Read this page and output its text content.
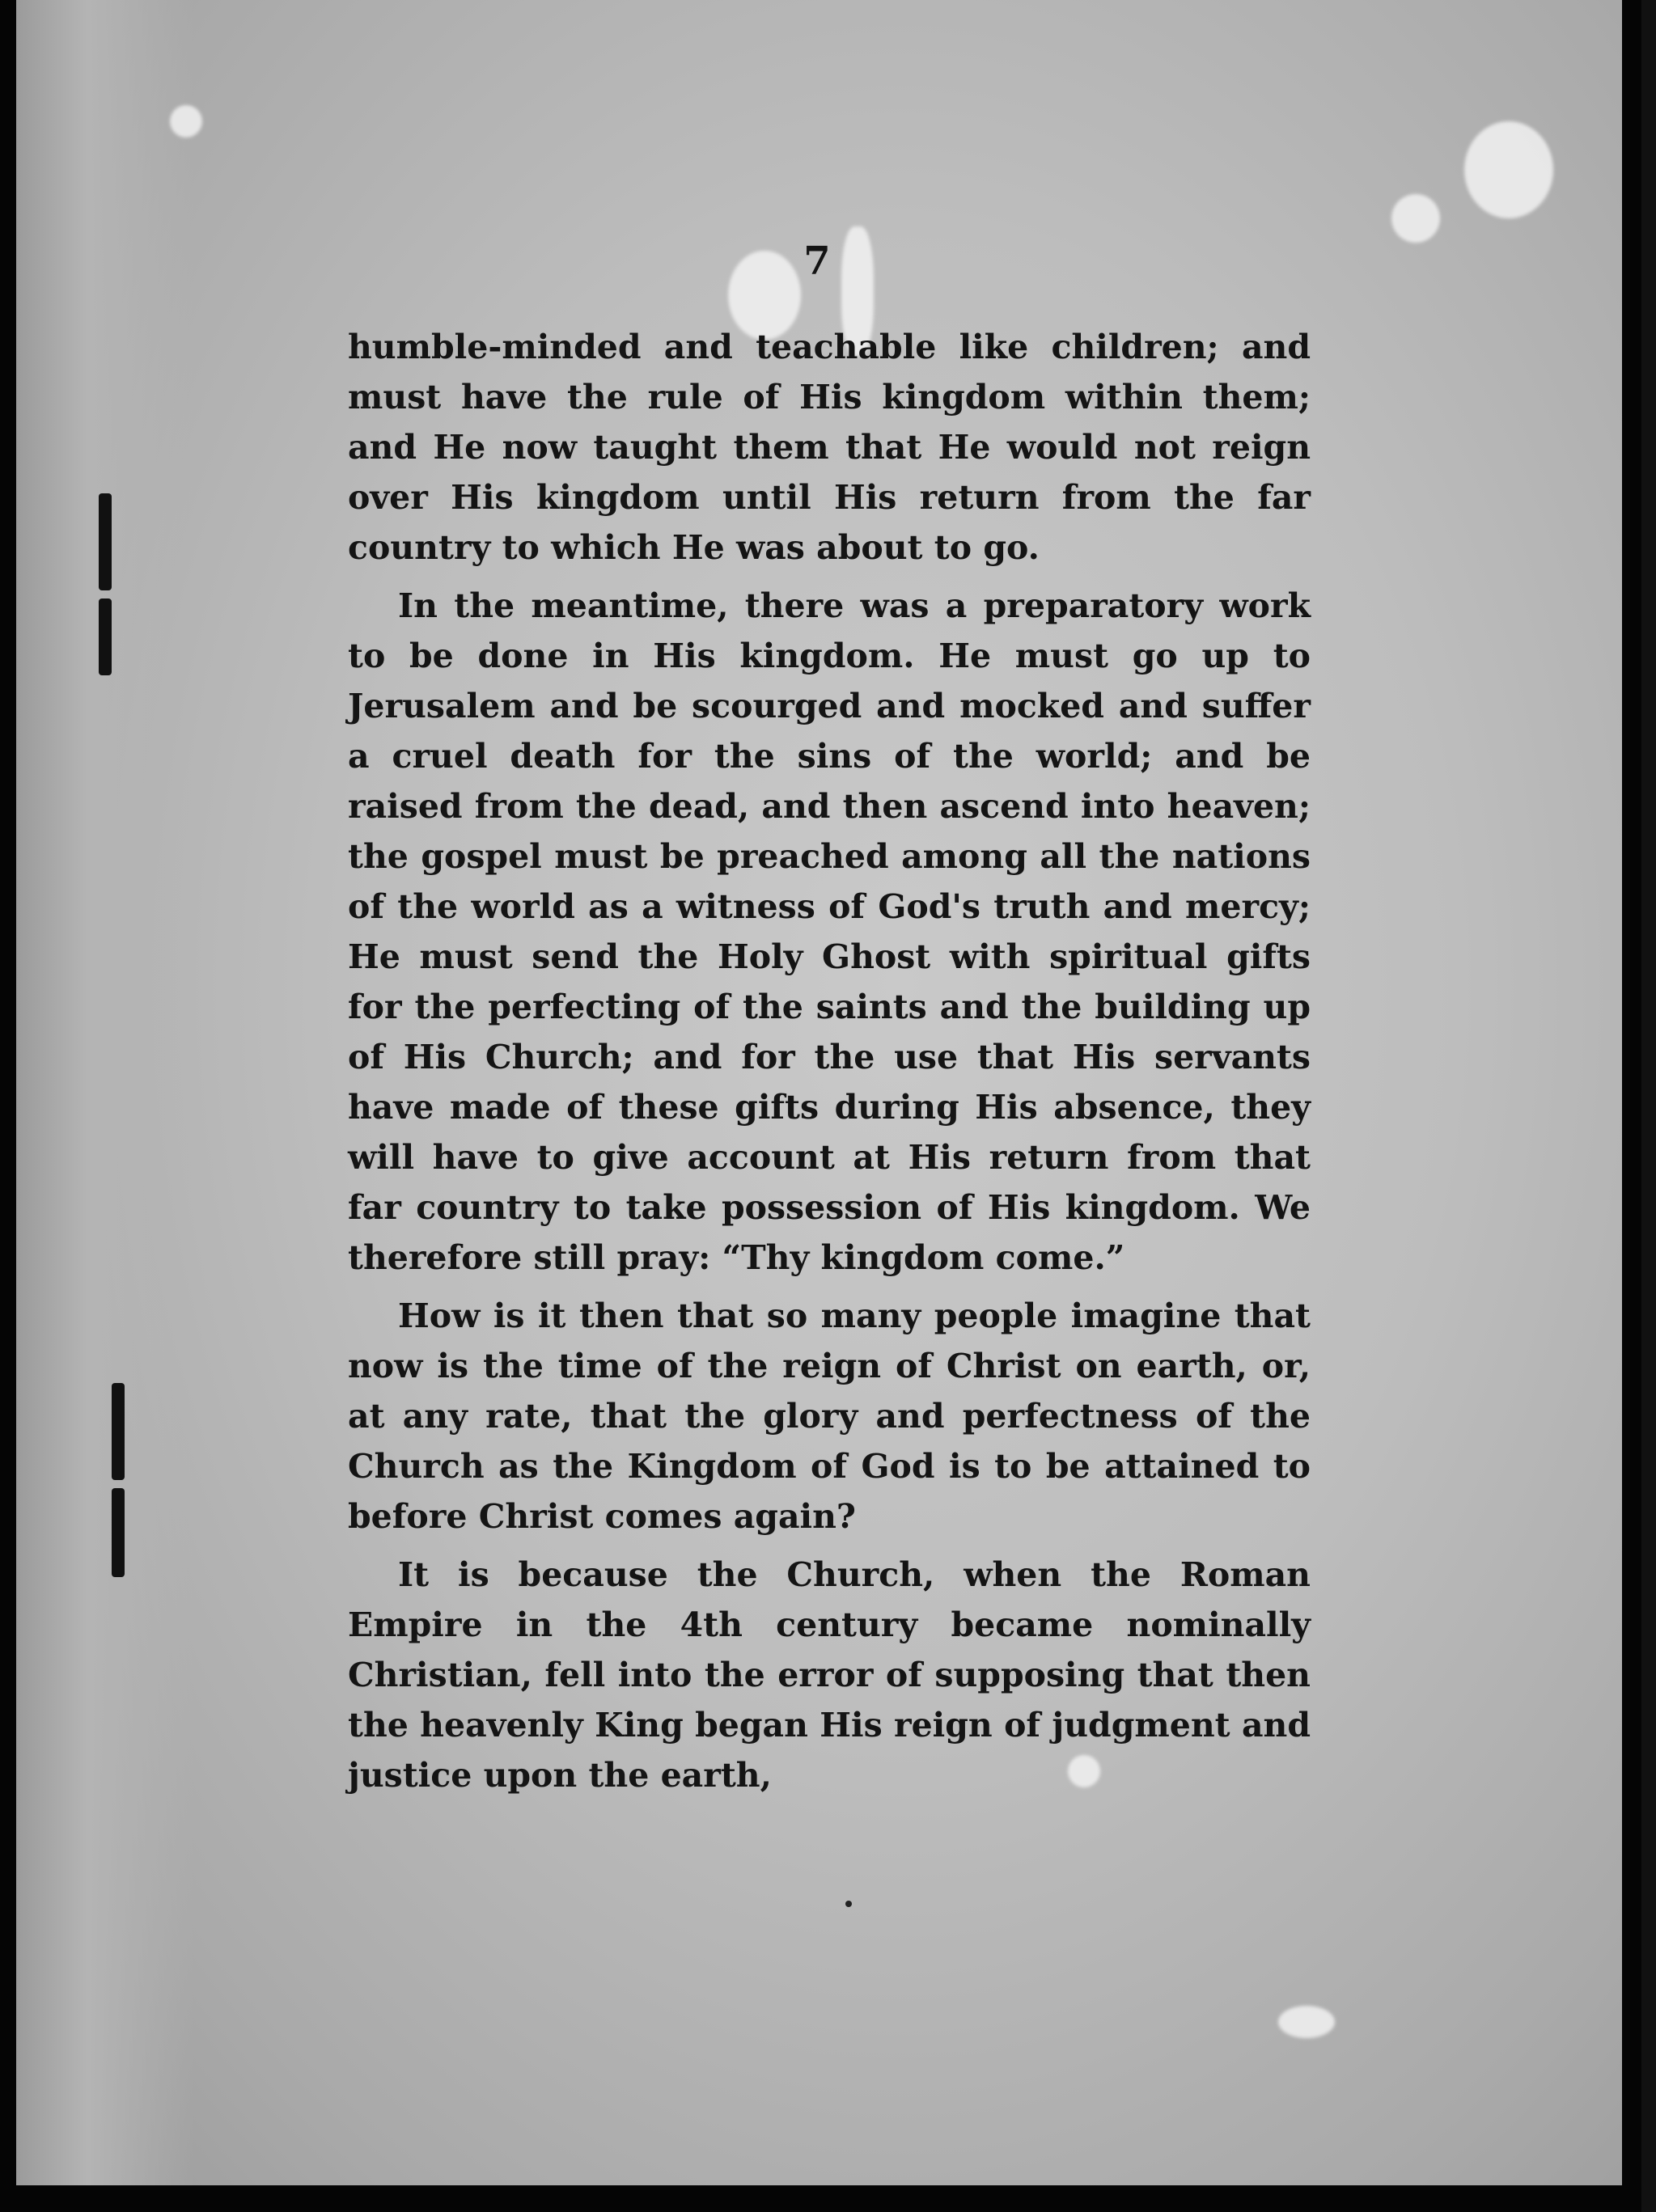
7

humble-minded and teachable like children; and must have the rule of His kingdom within them; and He now taught them that He would not reign over His kingdom until His return from the far country to which He was about to go.

In the meantime, there was a preparatory work to be done in His kingdom. He must go up to Jerusalem and be scourged and mocked and suffer a cruel death for the sins of the world; and be raised from the dead, and then ascend into heaven; the gospel must be preached among all the nations of the world as a witness of God's truth and mercy; He must send the Holy Ghost with spiritual gifts for the perfecting of the saints and the building up of His Church; and for the use that His servants have made of these gifts during His absence, they will have to give account at His return from that far country to take possession of His kingdom. We therefore still pray: “Thy kingdom come.”

How is it then that so many people imagine that now is the time of the reign of Christ on earth, or, at any rate, that the glory and perfectness of the Church as the Kingdom of God is to be attained to before Christ comes again?

It is because the Church, when the Roman Empire in the 4th century became nominally Christian, fell into the error of supposing that then the heavenly King began His reign of judgment and justice upon the earth,
